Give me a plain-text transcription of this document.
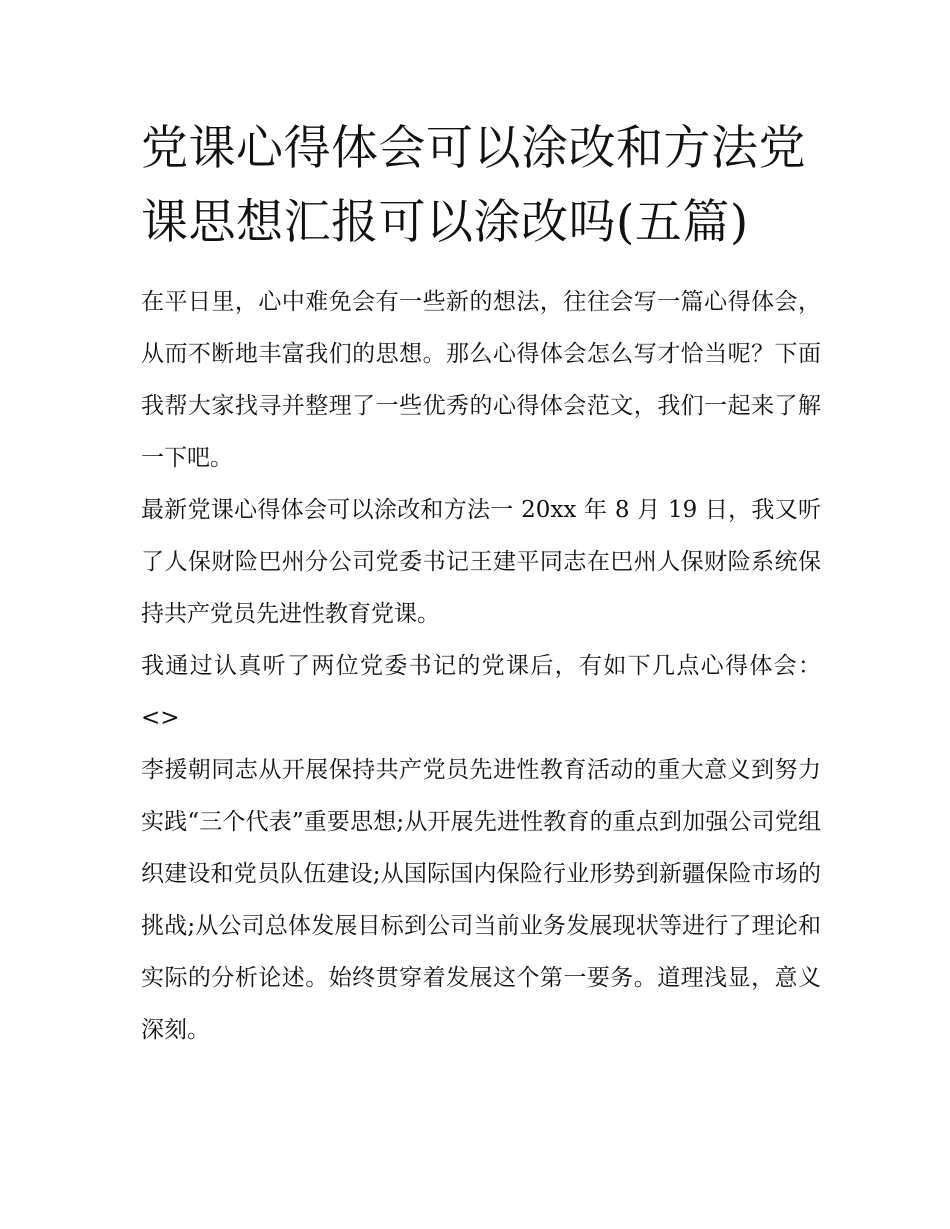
党课心得体会可以涂改和方法党课思想汇报可以涂改吗(五篇)

在平日里，心中难免会有一些新的想法，往往会写一篇心得体会，从而不断地丰富我们的思想。那么心得体会怎么写才恰当呢？下面我帮大家找寻并整理了一些优秀的心得体会范文，我们一起来了解一下吧。

最新党课心得体会可以涂改和方法一 20xx 年 8 月 19 日，我又听了人保财险巴州分公司党委书记王建平同志在巴州人保财险系统保持共产党员先进性教育党课。

我通过认真听了两位党委书记的党课后，有如下几点心得体会： <>

李援朝同志从开展保持共产党员先进性教育活动的重大意义到努力实践“三个代表”重要思想;从开展先进性教育的重点到加强公司党组织建设和党员队伍建设;从国际国内保险行业形势到新疆保险市场的挑战;从公司总体发展目标到公司当前业务发展现状等进行了理论和实际的分析论述。始终贯穿着发展这个第一要务。道理浅显，意义深刻。
